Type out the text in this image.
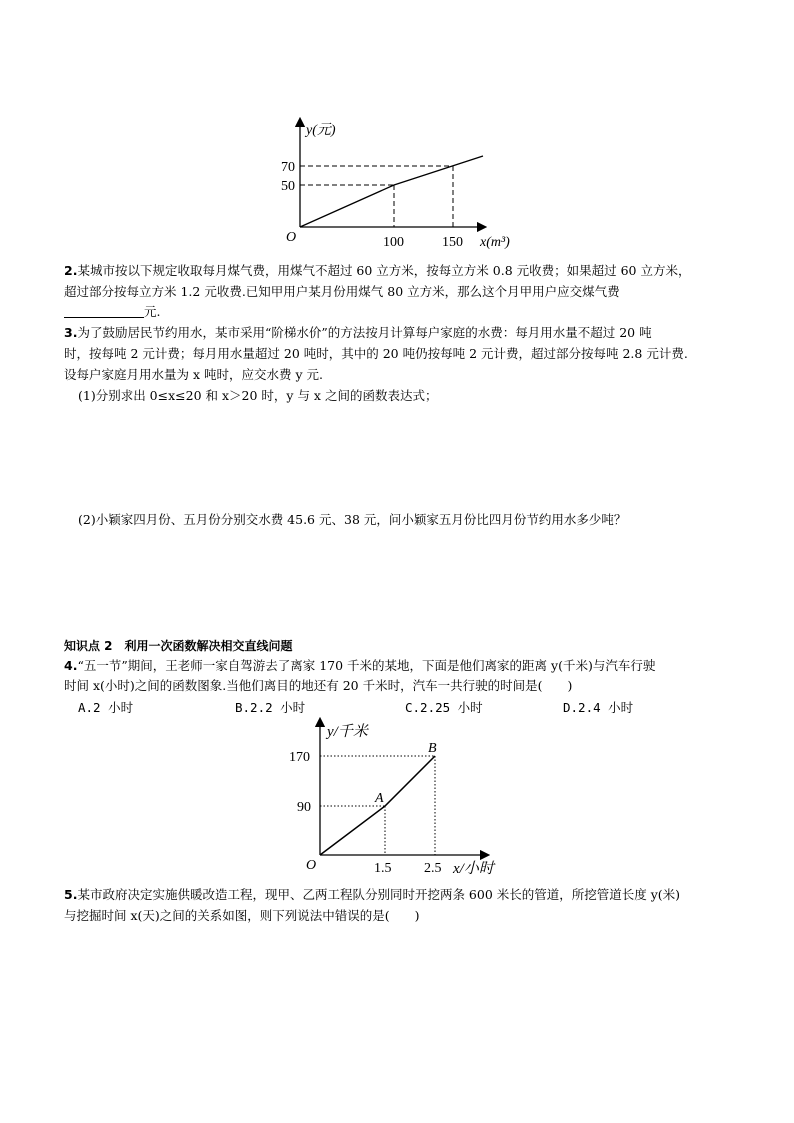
y(元)
x(m³)
O
70
50
100	150
2.某城市按以下规定收取每月煤气费，用煤气不超过 60 立方米，按每立方米 0.8 元收费；如果超过 60 立方米，
超过部分按每立方米 1.2 元收费.已知甲用户某月份用煤气 80 立方米，那么这个月甲用户应交煤气费
元.
3.为了鼓励居民节约用水，某市采用“阶梯水价”的方法按月计算每户家庭的水费：每月用水量不超过 20 吨
时，按每吨 2 元计费；每月用水量超过 20 吨时，其中的 20 吨仍按每吨 2 元计费，超过部分按每吨 2.8 元计费.
设每户家庭月用水量为 x 吨时，应交水费 y 元.
(1)分别求出 0≤x≤20 和 x＞20 时，y 与 x 之间的函数表达式；
(2)小颖家四月份、五月份分别交水费 45.6 元、38 元，问小颖家五月份比四月份节约用水多少吨？
知识点 2　利用一次函数解决相交直线问题
4.“五一节”期间，王老师一家自驾游去了离家 170 千米的某地，下面是他们离家的距离 y(千米)与汽车行驶
时间 x(小时)之间的函数图象.当他们离目的地还有 20 千米时，汽车一共行驶的时间是(　　)
A.2 小时	B.2.2 小时	C.2.25 小时	D.2.4 小时
y/千米
x/小时
O
A
B
170
90
1.5 2.5
5.某市政府决定实施供暖改造工程，现甲、乙两工程队分别同时开挖两条 600 米长的管道，所挖管道长度 y(米)
与挖掘时间 x(天)之间的关系如图，则下列说法中错误的是(　　)
